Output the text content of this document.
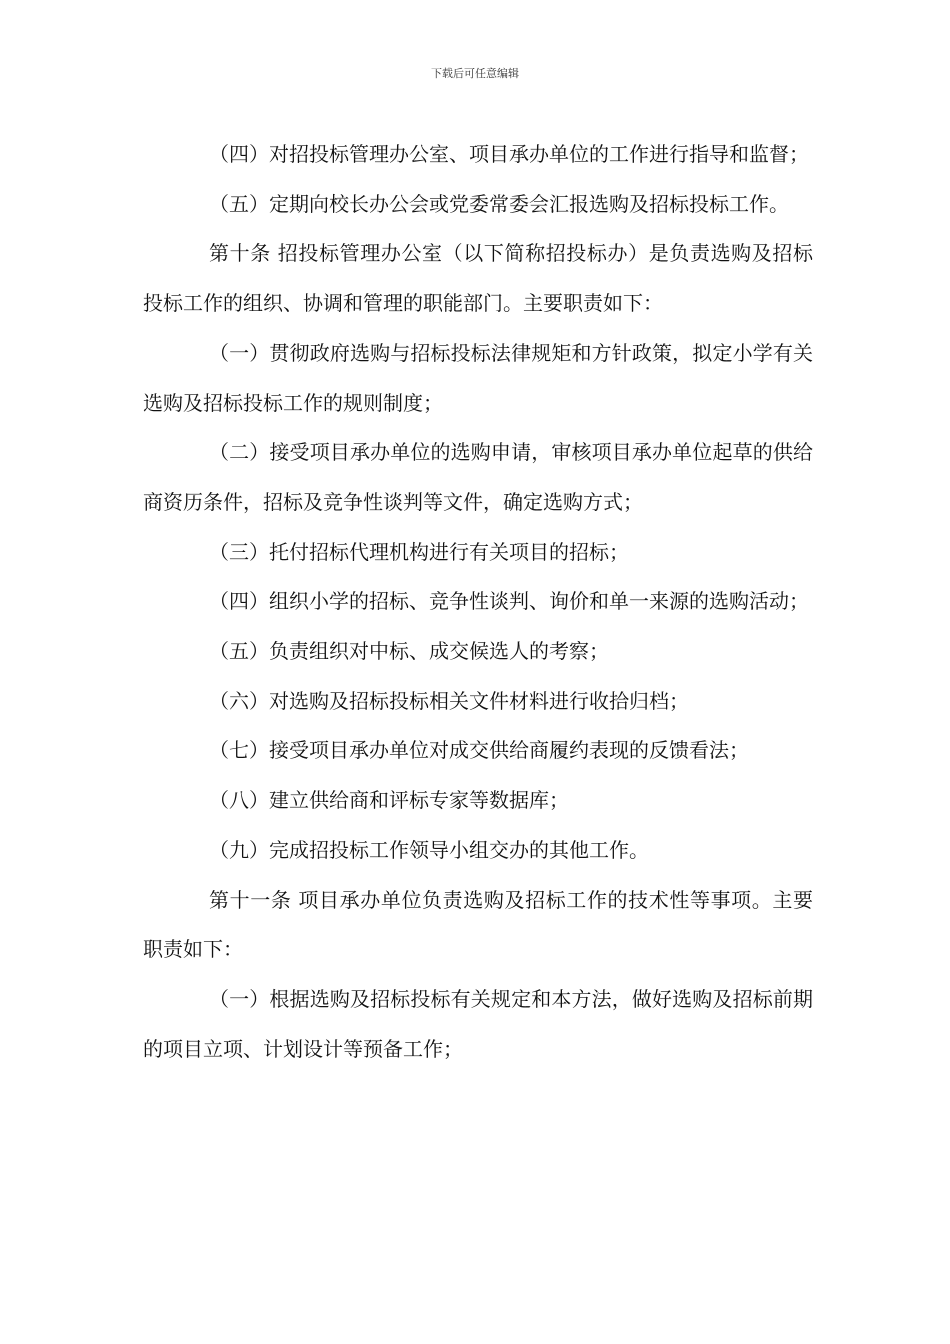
下载后可任意编辑

（四）对招投标管理办公室、项目承办单位的工作进行指导和监督；

（五）定期向校长办公会或党委常委会汇报选购及招标投标工作。

第十条 招投标管理办公室（以下简称招投标办）是负责选购及招标投标工作的组织、协调和管理的职能部门。主要职责如下：

（一）贯彻政府选购与招标投标法律规矩和方针政策，拟定小学有关选购及招标投标工作的规则制度；

（二）接受项目承办单位的选购申请，审核项目承办单位起草的供给商资历条件，招标及竞争性谈判等文件，确定选购方式；

（三）托付招标代理机构进行有关项目的招标；

（四）组织小学的招标、竞争性谈判、询价和单一来源的选购活动；

（五）负责组织对中标、成交候选人的考察；

（六）对选购及招标投标相关文件材料进行收拾归档；

（七）接受项目承办单位对成交供给商履约表现的反馈看法；

（八）建立供给商和评标专家等数据库；

（九）完成招投标工作领导小组交办的其他工作。

第十一条 项目承办单位负责选购及招标工作的技术性等事项。主要职责如下：

（一）根据选购及招标投标有关规定和本方法，做好选购及招标前期的项目立项、计划设计等预备工作；
